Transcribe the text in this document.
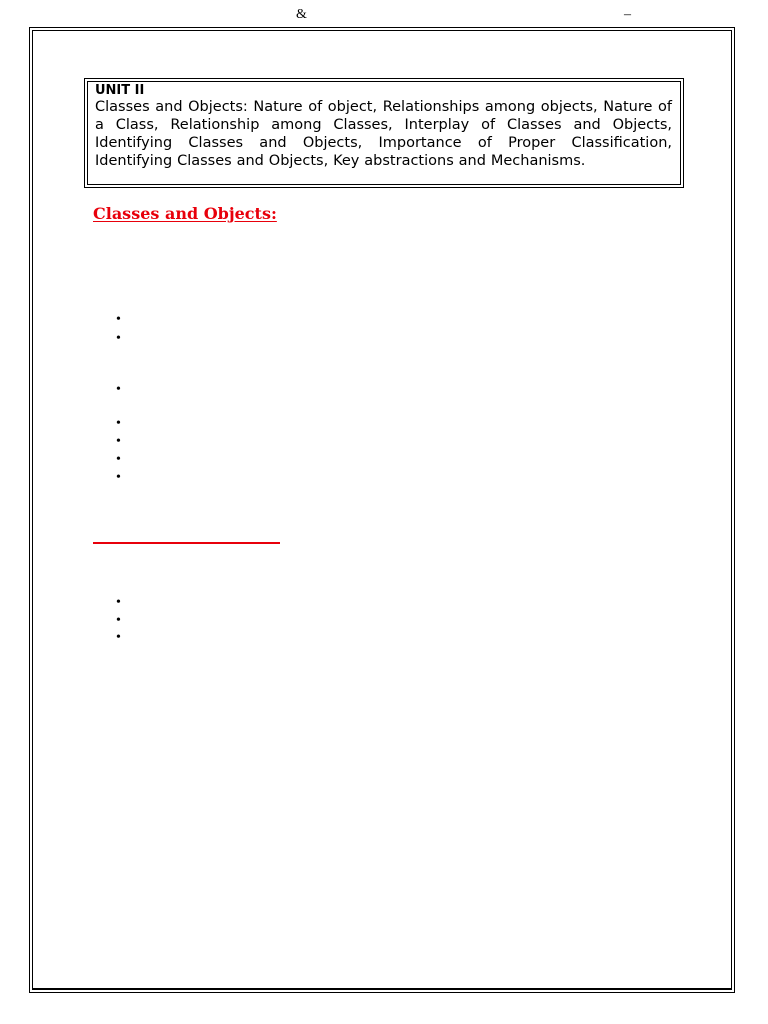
&	–
UNIT II
Classes and Objects: Nature of object, Relationships among objects, Nature of a Class, Relationship among Classes, Interplay of Classes and Objects, Identifying Classes and Objects, Importance of Proper Classification, Identifying Classes and Objects, Key abstractions and Mechanisms.
Classes and Objects:
•
•
•
•
•
•
•
•
•
•
